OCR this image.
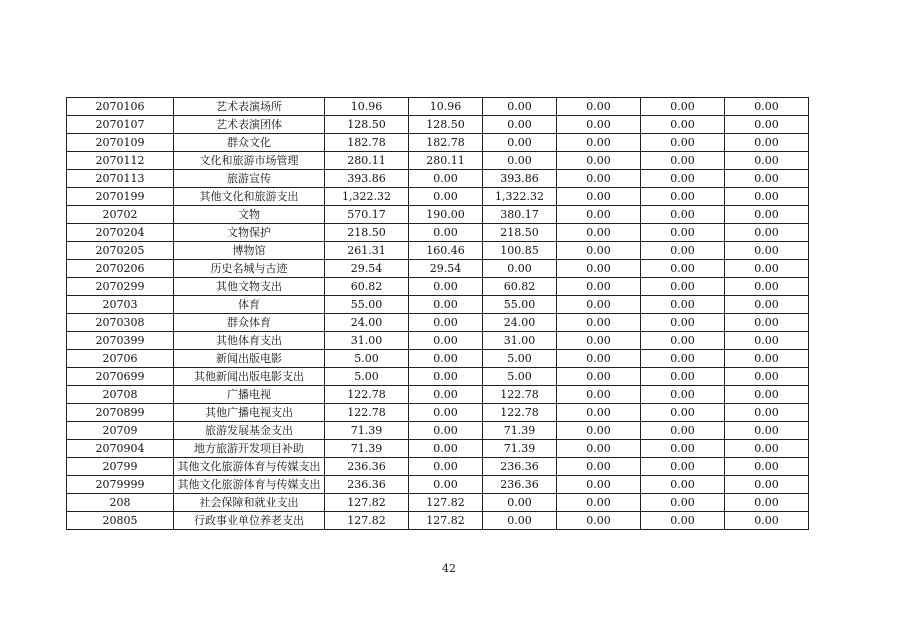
2070106	艺术表演场所	10.96	10.96	0.00	0.00	0.00	0.00
2070107	艺术表演团体	128.50	128.50	0.00	0.00	0.00	0.00
2070109	群众文化	182.78	182.78	0.00	0.00	0.00	0.00
2070112	文化和旅游市场管理	280.11	280.11	0.00	0.00	0.00	0.00
2070113	旅游宣传	393.86	0.00	393.86	0.00	0.00	0.00
2070199	其他文化和旅游支出	1,322.32	0.00	1,322.32	0.00	0.00	0.00
20702	文物	570.17	190.00	380.17	0.00	0.00	0.00
2070204	文物保护	218.50	0.00	218.50	0.00	0.00	0.00
2070205	博物馆	261.31	160.46	100.85	0.00	0.00	0.00
2070206	历史名城与古迹	29.54	29.54	0.00	0.00	0.00	0.00
2070299	其他文物支出	60.82	0.00	60.82	0.00	0.00	0.00
20703	体育	55.00	0.00	55.00	0.00	0.00	0.00
2070308	群众体育	24.00	0.00	24.00	0.00	0.00	0.00
2070399	其他体育支出	31.00	0.00	31.00	0.00	0.00	0.00
20706	新闻出版电影	5.00	0.00	5.00	0.00	0.00	0.00
2070699	其他新闻出版电影支出	5.00	0.00	5.00	0.00	0.00	0.00
20708	广播电视	122.78	0.00	122.78	0.00	0.00	0.00
2070899	其他广播电视支出	122.78	0.00	122.78	0.00	0.00	0.00
20709	旅游发展基金支出	71.39	0.00	71.39	0.00	0.00	0.00
2070904	地方旅游开发项目补助	71.39	0.00	71.39	0.00	0.00	0.00
20799	其他文化旅游体育与传媒支出	236.36	0.00	236.36	0.00	0.00	0.00
2079999	其他文化旅游体育与传媒支出	236.36	0.00	236.36	0.00	0.00	0.00
208	社会保障和就业支出	127.82	127.82	0.00	0.00	0.00	0.00
20805	行政事业单位养老支出	127.82	127.82	0.00	0.00	0.00	0.00
42
